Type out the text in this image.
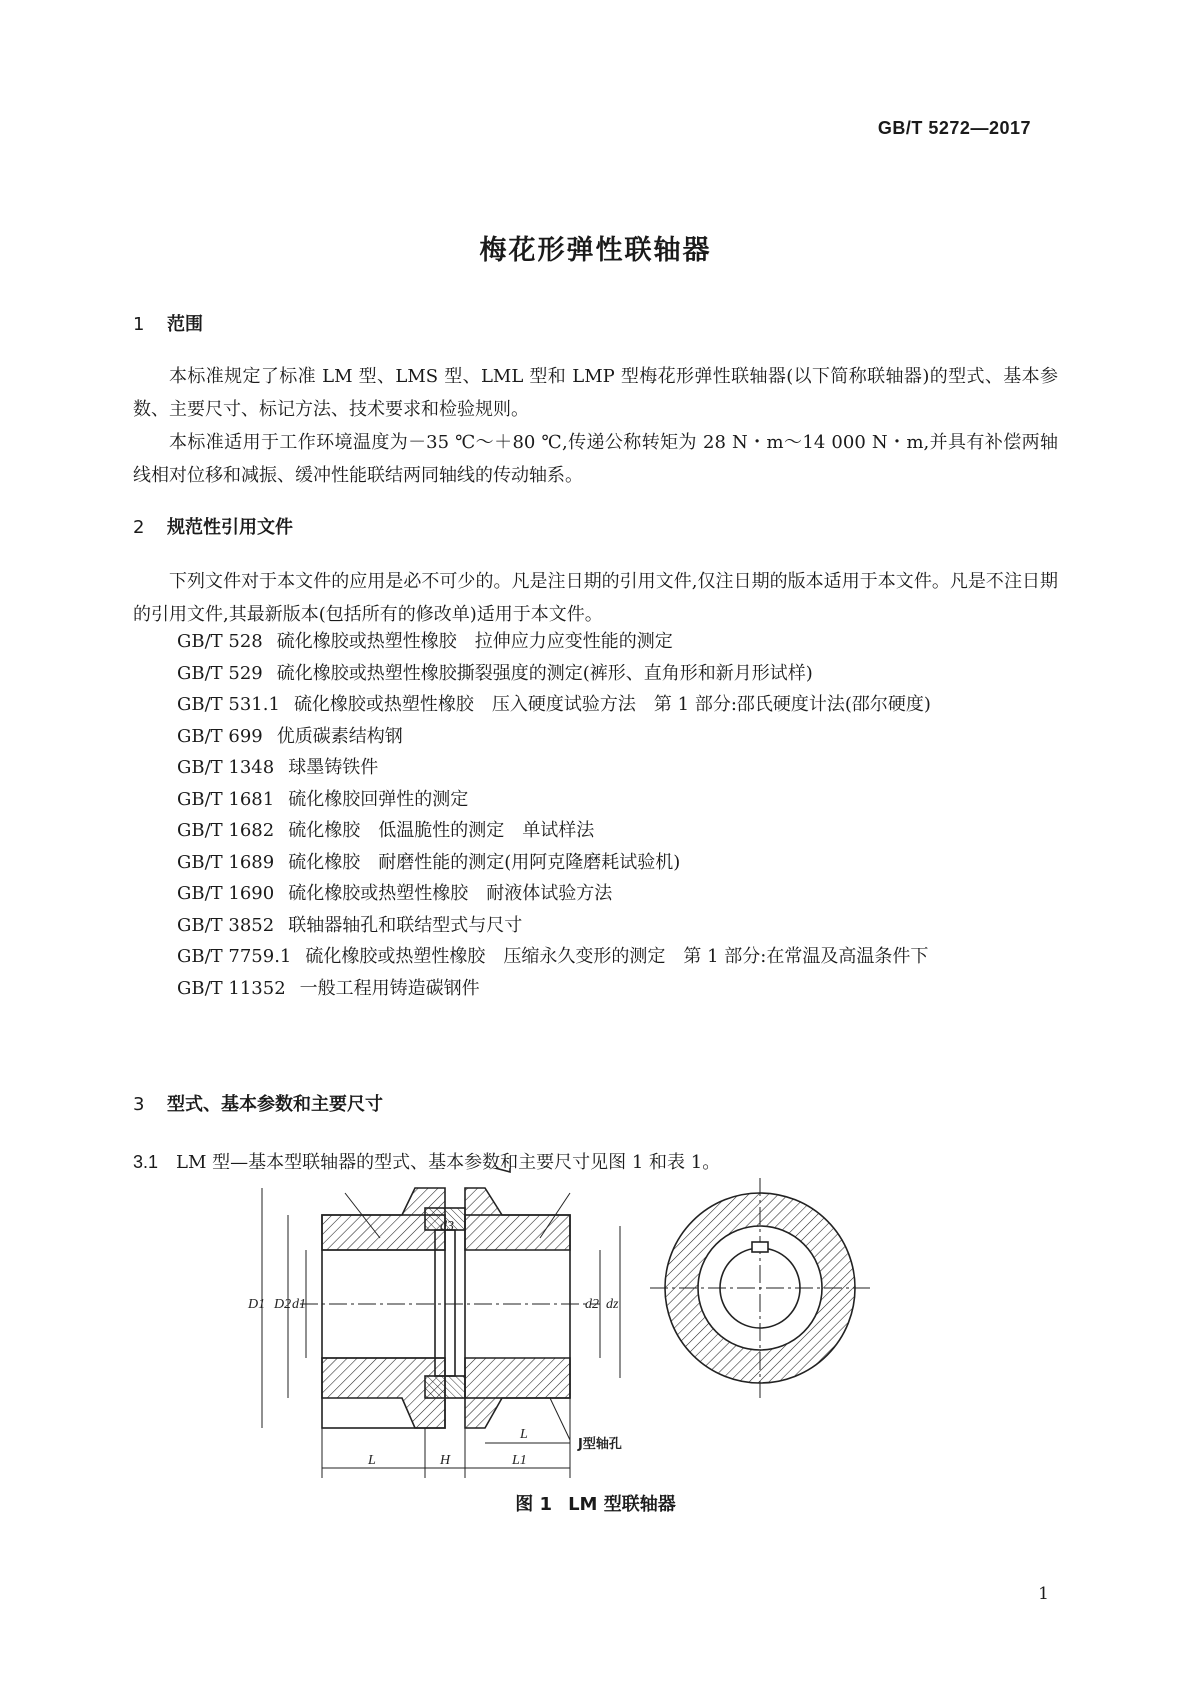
GB/T 5272—2017
梅花形弹性联轴器
1 范围

本标准规定了标准 LM 型、LMS 型、LML 型和 LMP 型梅花形弹性联轴器(以下简称联轴器)的型式、基本参数、主要尺寸、标记方法、技术要求和检验规则。

本标准适用于工作环境温度为－35 ℃～＋80 ℃,传递公称转矩为 28 N・m～14 000 N・m,并具有补偿两轴线相对位移和减振、缓冲性能联结两同轴线的传动轴系。

2 规范性引用文件

下列文件对于本文件的应用是必不可少的。凡是注日期的引用文件,仅注日期的版本适用于本文件。凡是不注日期的引用文件,其最新版本(包括所有的修改单)适用于本文件。

GB/T 528 硫化橡胶或热塑性橡胶　拉伸应力应变性能的测定
GB/T 529 硫化橡胶或热塑性橡胶撕裂强度的测定(裤形、直角形和新月形试样)
GB/T 531.1 硫化橡胶或热塑性橡胶　压入硬度试验方法　第 1 部分:邵氏硬度计法(邵尔硬度)
GB/T 699 优质碳素结构钢
GB/T 1348 球墨铸铁件
GB/T 1681 硫化橡胶回弹性的测定
GB/T 1682 硫化橡胶　低温脆性的测定　单试样法
GB/T 1689 硫化橡胶　耐磨性能的测定(用阿克隆磨耗试验机)
GB/T 1690 硫化橡胶或热塑性橡胶　耐液体试验方法
GB/T 3852 联轴器轴孔和联结型式与尺寸
GB/T 7759.1 硫化橡胶或热塑性橡胶　压缩永久变形的测定　第 1 部分:在常温及高温条件下
GB/T 11352 一般工程用铸造碳钢件
3 型式、基本参数和主要尺寸
3.1 LM 型—基本型联轴器的型式、基本参数和主要尺寸见图 1 和表 1。
D1 D2 d1
d3
d2 dz
L	H	L1
L
J型轴孔
图 1 LM 型联轴器
1
